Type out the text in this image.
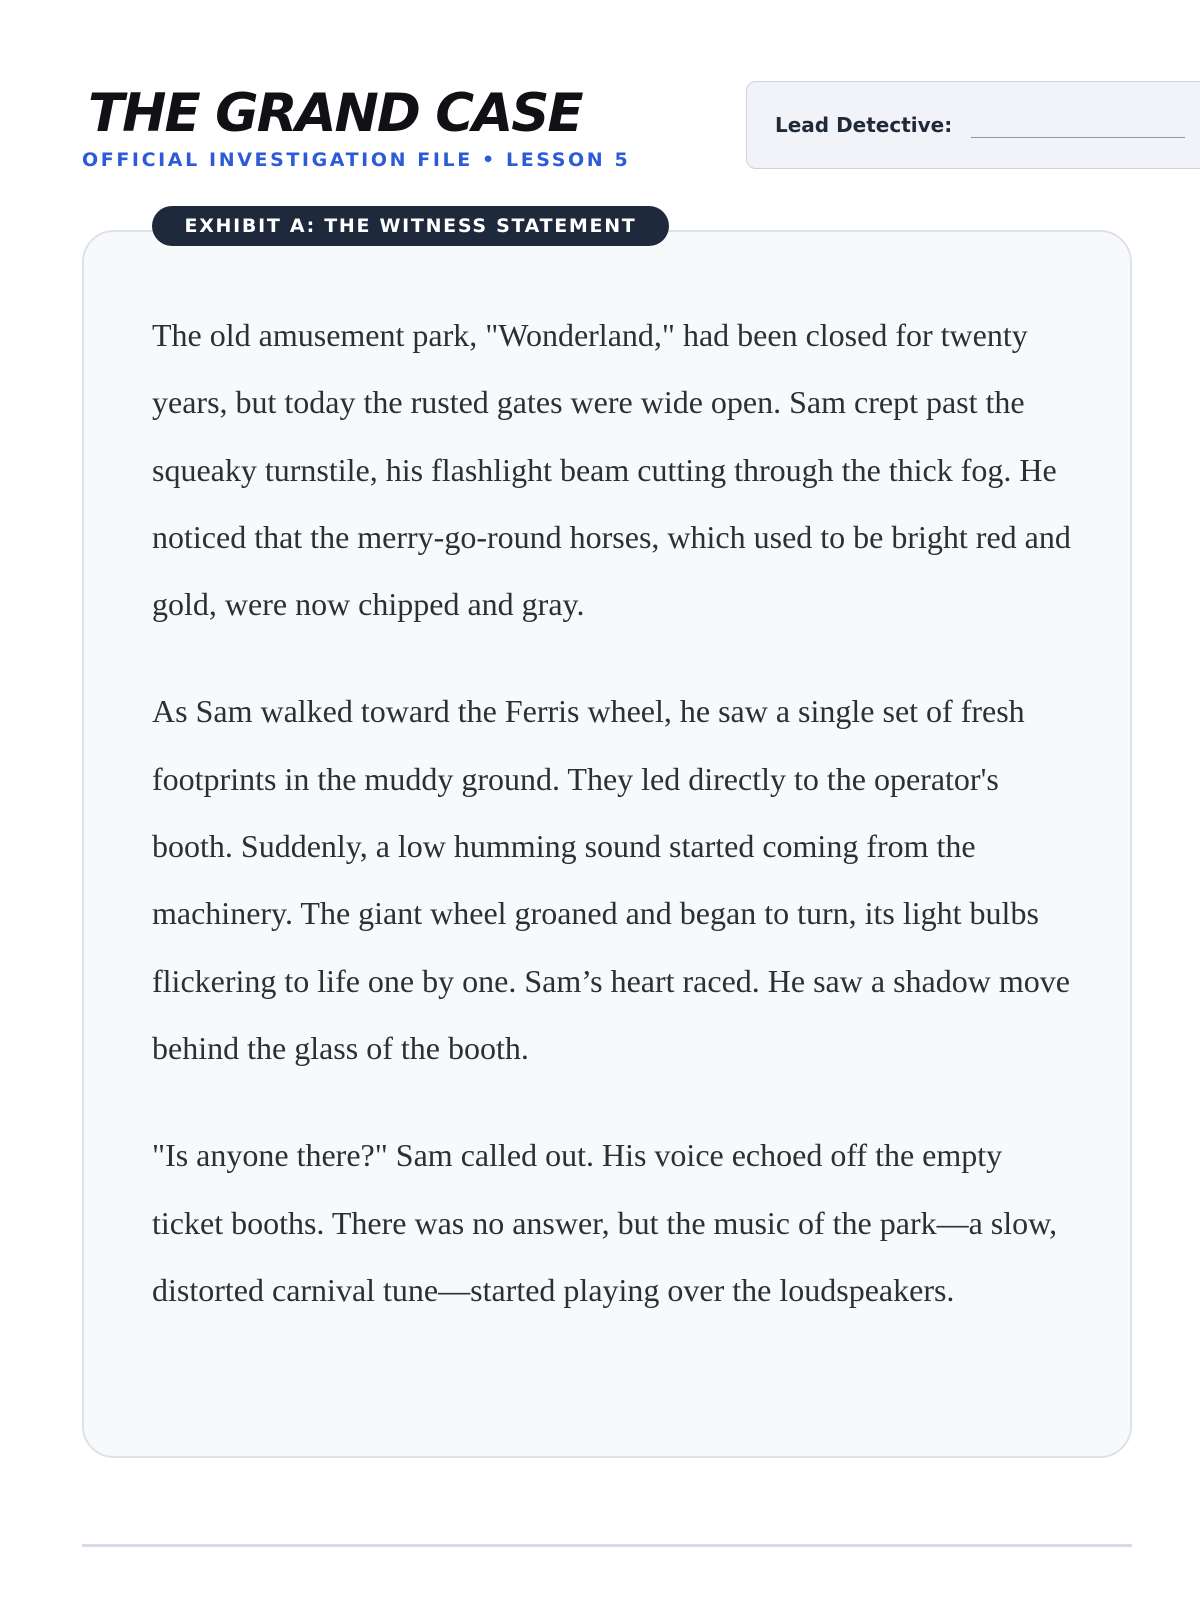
THE GRAND CASE
OFFICIAL INVESTIGATION FILE • LESSON 5
Lead Detective:
EXHIBIT A: THE WITNESS STATEMENT

The old amusement park, "Wonderland," had been closed for twenty years, but today the rusted gates were wide open. Sam crept past the squeaky turnstile, his flashlight beam cutting through the thick fog. He noticed that the merry-go-round horses, which used to be bright red and gold, were now chipped and gray.

As Sam walked toward the Ferris wheel, he saw a single set of fresh footprints in the muddy ground. They led directly to the operator's booth. Suddenly, a low humming sound started coming from the machinery. The giant wheel groaned and began to turn, its light bulbs flickering to life one by one. Sam’s heart raced. He saw a shadow move behind the glass of the booth.

"Is anyone there?" Sam called out. His voice echoed off the empty ticket booths. There was no answer, but the music of the park—a slow, distorted carnival tune—started playing over the loudspeakers.
